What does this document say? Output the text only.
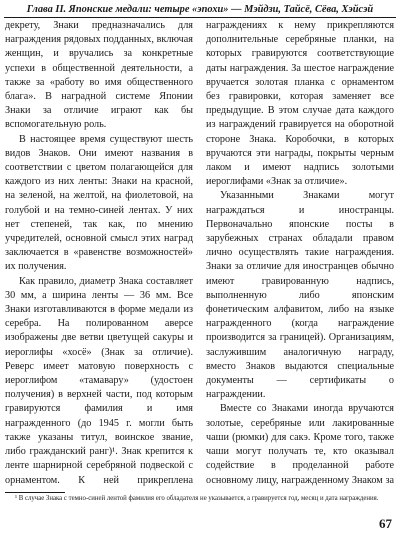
Глава II. Японские медали: четыре «эпохи» — Мэйдзи, Тайсё, Сёва, Хэйсэй

декрету, Знаки предназначались для награждения рядовых подданных, включая женщин, и вручались за конкретные успехи в общественной деятельности, а также за «работу во имя общественного блага». В наградной системе Японии Знаки за отличие играют как бы вспомогательную роль.

В настоящее время существуют шесть видов Знаков. Они имеют названия в соответствии с цветом полагающейся для каждого из них ленты: Знаки на красной, на зеленой, на желтой, на фиолетовой, на голубой и на темно-синей лентах. У них нет степеней, так как, по мнению учредителей, основной смысл этих наград заключается в «равенстве возможностей» их получения.

Как правило, диаметр Знака составляет 30 мм, а ширина ленты — 36 мм. Все Знаки изготавливаются в форме медали из серебра. На полированном аверсе изображены две ветви цветущей сакуры и иероглифы «хосё» (Знак за отличие). Реверс имеет матовую поверхность с иероглифом «тамавару» (удостоен получения) в верхней части, под которым гравируются фамилия и имя награжденного (до 1945 г. могли быть также указаны титул, воинское звание, либо гражданский ранг)¹. Знак крепится к ленте шарнирной серебряной подвеской с орнаментом. К ней прикреплена

награждениях к нему прикрепляются дополнительные серебряные планки, на которых гравируются соответствующие даты награждения. За шестое награждение вручается золотая планка с орнаментом без гравировки, которая заменяет все предыдущие. В этом случае дата каждого из награждений гравируется на оборотной стороне Знака. Коробочки, в которых вручаются эти награды, покрыты черным лаком и имеют надпись золотыми иероглифами «Знак за отличие».

Указанными Знаками могут награждаться и иностранцы. Первоначально японские посты в зарубежных странах обладали правом лично осуществлять такие награждения. Знаки за отличие для иностранцев обычно имеют гравированную надпись, выполненную либо японским фонетическим алфавитом, либо на языке награжденного (когда награждение производится за границей). Организациям, заслужившим аналогичную награду, вместо Знаков выдаются специальные документы — сертификаты о награждении.

Вместе со Знаками иногда вручаются золотые, серебряные или лакированные чаши (рюмки) для сакэ. Кроме того, также чаши могут получать те, кто оказывал содействие в проделанной работе основному лицу, награжденному Знаком за

¹ В случае Знака с темно-синей лентой фамилия его обладателя не указывается, а гравируется год, месяц и дата награждения.
67
